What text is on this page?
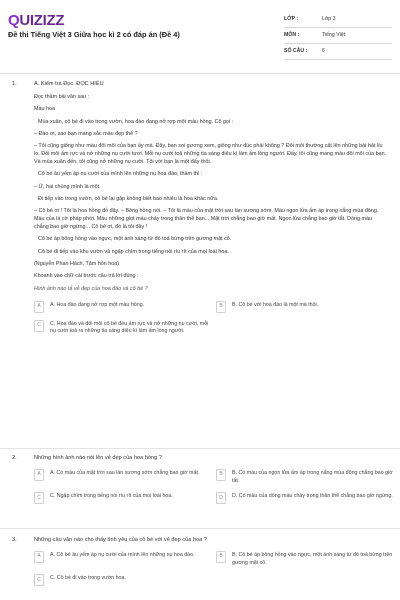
QUIZIZZ
Đề thi Tiếng Việt 3 Giữa học kì 2 có đáp án (Đề 4)
LỚP :	Lớp 3
MÔN :	Tiếng Việt
SỐ CÂU :	6
1.	A. Kiểm tra Đọc. ĐỌC HIỂU
Đọc thầm bài văn sau :
Mầu hoa
Mùa xuân, cô bé đi vào trong vườn, hoa đào đang nở rợp một màu hồng. Cô gọi :
– Đào ơi, sao bạn mang sắc màu đẹp thế ?
– Tôi cũng giống như màu đôi môi của bạn ấy mà. Đây, bạn soi gương xem, giống như đúc phải không ? Đôi môi thường cất lên những bài hát líu lo. Đôi môi ấm rực và nở những nụ cười tươi. Mỗi nụ cười toả những tia sáng diệu kì làm ấm lòng người. Đấy, tôi cũng mang màu đôi môi của bạn. Và mùa xuân đến, tôi cũng nở những nụ cười. Tôi với bạn là một đấy thôi.
Cô bé âu yếm áp nụ cười của mình lên những nụ hoa đào, thầm thì :
– Ừ, hai chúng mình là một.
Đi tiếp vào trong vườn, cô bé lại gặp không biết bao nhiêu là hoa khác nữa.
– Cô bé ơi ! Tôi là hoa hồng đỏ đây. – Bông hồng nói. – Tôi là màu của mặt trời sau làn sương sớm. Màu ngọn lửa ấm áp trong nắng mùa đông. Màu của lá cờ pháp phới. Màu những giọt máu chảy trong thân thể bạn... Mặt trời chẳng bao giờ mất. Ngọn lửa chẳng bao giờ tắt. Dòng máu chẳng bao giờ ngừng... Cô bé ơi, đó là tôi đây !
Cô bé áp bông hồng vào ngực, một ánh sáng từ đó toả bừng trên gương mặt cô.
Cô bé đi tiếp vào khu vườn và ngập chìm trong tiếng nói ríu rít của mọi loài hoa.
(Nguyễn Phan Hách, Tâm hồn hoa)
Khoanh vào chữ cái trước câu trả lời đúng :
Hình ảnh nào tả vẻ đẹp của hoa đào và cô bé ?
A	A. Hoa đào đang nở rợp một màu hồng.	B	B. Cô bé với hoa đào là một mà thôi.
C	C. Hoa đào và đôi môi cô bé đều ấm rực và nở những nụ cười, mỗi nụ cười toả ra những tia sáng diệu kì làm ấm lòng người.
2.	Những hình ảnh nào nói lên vẻ đẹp của hoa hồng ?
A	A. Có màu của mặt trời sau làn sương sớm chẳng bao giờ mất.	B	B. Có màu của ngọn lửa ấm áp trong nắng mùa đông chẳng bao giờ tắt.
C	C. Ngập chìm trong tiếng nói ríu rít của mọi loài hoa.	D	D. Có màu của dòng máu chảy trong thân thể chẳng bao giờ ngừng.
3.	Những câu văn nào cho thấy tình yêu của cô bé với vẻ đẹp của hoa ?
A	A. Cô bé âu yếm áp nụ cười của mình lên những nụ hoa đào.	B	B. Cô bé áp bông hồng vào ngực, một ánh sáng từ đó toả bừng trên gương mặt cô.
C	C. Cô bé đi vào trong vườn hoa.
